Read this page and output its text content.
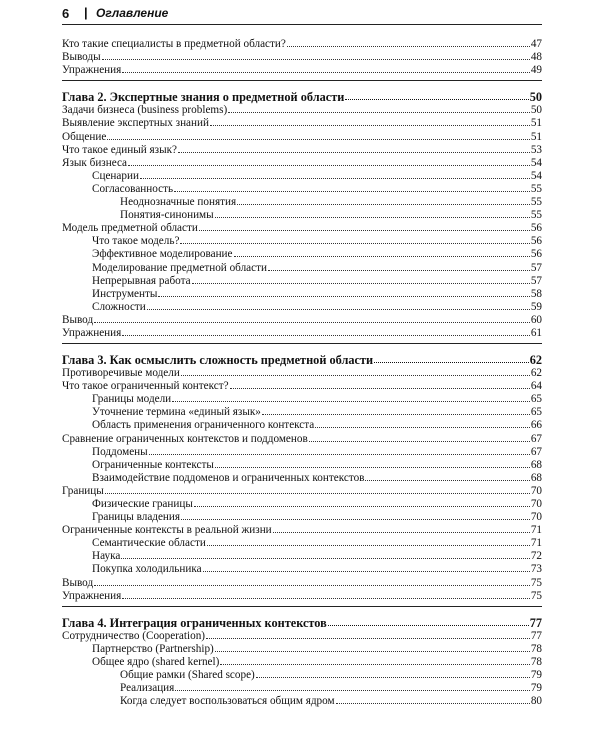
6 | Оглавление
Кто такие специалисты в предметной области?	47
Выводы	48
Упражнения	49
Глава 2. Экспертные знания о предметной области	50
Задачи бизнеса (business problems)	50
Выявление экспертных знаний	51
Общение	51
Что такое единый язык?	53
Язык бизнеса	54
Сценарии	54
Согласованность	55
Неоднозначные понятия	55
Понятия-синонимы	55
Модель предметной области	56
Что такое модель?	56
Эффективное моделирование	56
Моделирование предметной области	57
Непрерывная работа	57
Инструменты	58
Сложности	59
Вывод	60
Упражнения	61
Глава 3. Как осмыслить сложность предметной области	62
Противоречивые модели	62
Что такое ограниченный контекст?	64
Границы модели	65
Уточнение термина «единый язык»	65
Область применения ограниченного контекста	66
Сравнение ограниченных контекстов и поддоменов	67
Поддомены	67
Ограниченные контексты	68
Взаимодействие поддоменов и ограниченных контекстов	68
Границы	70
Физические границы	70
Границы владения	70
Ограниченные контексты в реальной жизни	71
Семантические области	71
Наука	72
Покупка холодильника	73
Вывод	75
Упражнения	75
Глава 4. Интеграция ограниченных контекстов	77
Сотрудничество (Cooperation)	77
Партнерство (Partnership)	78
Общее ядро (shared kernel)	78
Общие рамки (Shared scope)	79
Реализация	79
Когда следует воспользоваться общим ядром	80
